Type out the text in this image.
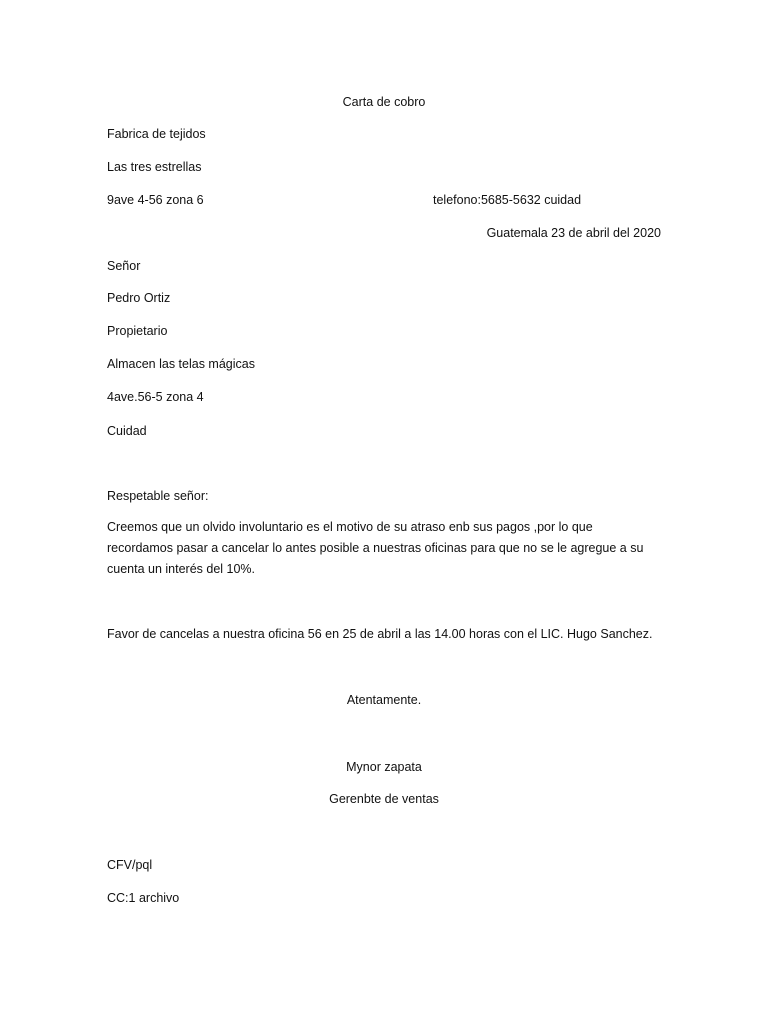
Carta de cobro
Fabrica de tejidos
Las tres estrellas
9ave 4-56 zona 6	telefono:5685-5632 cuidad
Guatemala 23 de abril del 2020
Señor
Pedro Ortiz
Propietario
Almacen las telas mágicas
4ave.56-5 zona 4
Cuidad
Respetable señor:
Creemos que un olvido involuntario es el motivo de su atraso enb sus pagos ,por lo que recordamos pasar a cancelar lo antes posible a nuestras oficinas para que no se le agregue a su cuenta un interés del 10%.
Favor de cancelas a nuestra oficina 56 en 25 de abril a las 14.00 horas con el LIC. Hugo Sanchez.
Atentamente.
Mynor zapata
Gerenbte de ventas
CFV/pql
CC:1 archivo
